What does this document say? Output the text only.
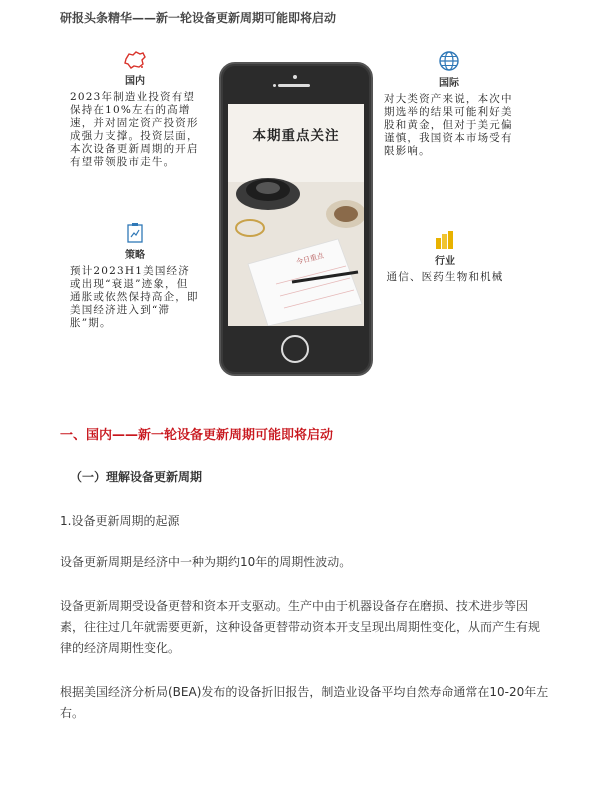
研报头条精华——新一轮设备更新周期可能即将启动
国内
2023年制造业投资有望保持在10%左右的高增速，并对固定资产投资形成强力支撑。投资层面，本次设备更新周期的开启有望带领股市走牛。
国际
对大类资产来说，本次中期选举的结果可能利好美股和黄金，但对于美元偏谨慎，我国资本市场受有限影响。
策略
预计2023H1美国经济或出现“衰退”迹象，但通胀或依然保持高企，即美国经济进入到“滞胀”期。
行业
通信、医药生物和机械
本期重点关注
今日重点
一、国内——新一轮设备更新周期可能即将启动
（一）理解设备更新周期
1.设备更新周期的起源
设备更新周期是经济中一种为期约10年的周期性波动。
设备更新周期受设备更替和资本开支驱动。生产中由于机器设备存在磨损、技术进步等因素，往往过几年就需要更新，这种设备更替带动资本开支呈现出周期性变化，从而产生有规律的经济周期性变化。
根据美国经济分析局(BEA)发布的设备折旧报告，制造业设备平均自然寿命通常在10-20年左右。
